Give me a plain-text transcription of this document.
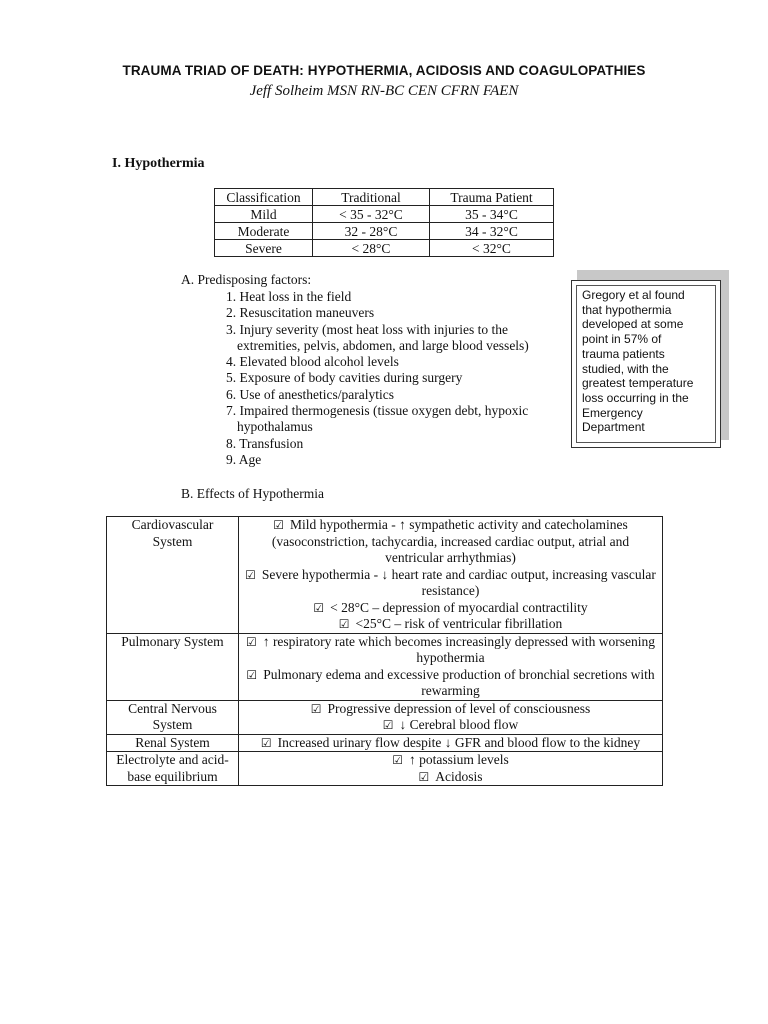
TRAUMA TRIAD OF DEATH: HYPOTHERMIA, ACIDOSIS AND COAGULOPATHIES
Jeff Solheim MSN RN-BC CEN CFRN FAEN
I. Hypothermia
Classification	Traditional	Trauma Patient
Mild	< 35 - 32°C	35 - 34°C
Moderate	32 - 28°C	34 - 32°C
Severe	< 28°C	< 32°C
A. Predisposing factors:
1. Heat loss in the field
2. Resuscitation maneuvers
3. Injury severity (most heat loss with injuries to the extremities, pelvis, abdomen, and large blood vessels)
4. Elevated blood alcohol levels
5. Exposure of body cavities during surgery
6. Use of anesthetics/paralytics
7. Impaired thermogenesis (tissue oxygen debt, hypoxic hypothalamus
8. Transfusion
9. Age
Gregory et al found that hypothermia developed at some point in 57% of trauma patients studied, with the greatest temperature loss occurring in the Emergency Department
B. Effects of Hypothermia
Cardiovascular System	☑ Mild hypothermia - ↑ sympathetic activity and catecholamines (vasoconstriction, tachycardia, increased cardiac output, atrial and ventricular arrhythmias)
☑ Severe hypothermia - ↓ heart rate and cardiac output, increasing vascular resistance)
☑ < 28°C – depression of myocardial contractility
☑ <25°C – risk of ventricular fibrillation

Pulmonary System	☑ ↑ respiratory rate which becomes increasingly depressed with worsening hypothermia
☑ Pulmonary edema and excessive production of bronchial secretions with rewarming

Central Nervous System	☑ Progressive depression of level of consciousness
☑ ↓ Cerebral blood flow

Renal System	☑ Increased urinary flow despite ↓ GFR and blood flow to the kidney

Electrolyte and acid-base equilibrium	☑ ↑ potassium levels
☑ Acidosis
